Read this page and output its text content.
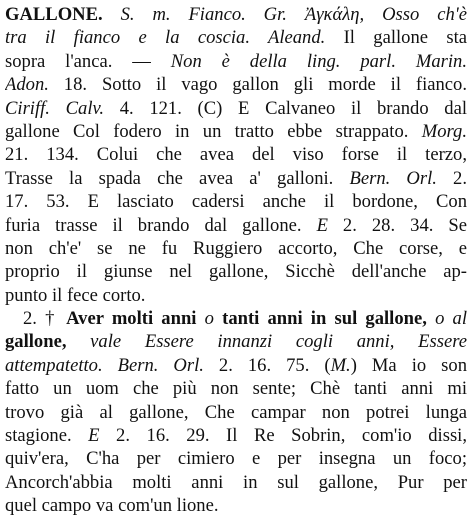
GALLONE. S. m. Fianco. Gr. Ἀγκάλη, Osso ch'è
tra il fianco e la coscia. Aleand. Il gallone sta
sopra l'anca. — Non è della ling. parl. Marin.
Adon. 18. Sotto il vago gallon gli morde il fianco.
Ciriff. Calv. 4. 121. (C) E Calvaneo il brando dal
gallone Col fodero in un tratto ebbe strappato. Morg.
21. 134. Colui che avea del viso forse il terzo,
Trasse la spada che avea a' galloni. Bern. Orl. 2.
17. 53. E lasciato cadersi anche il bordone, Con
furia trasse il brando dal gallone. E 2. 28. 34. Se
non ch'e' se ne fu Ruggiero accorto, Che corse, e
proprio il giunse nel gallone, Sicchè dell'anche ap-
punto il fece corto.
2. † Aver molti anni o tanti anni in sul gallone, o al
gallone, vale Essere innanzi cogli anni, Essere
attempatetto. Bern. Orl. 2. 16. 75. (M.) Ma io son
fatto un uom che più non sente; Chè tanti anni mi
trovo già al gallone, Che campar non potrei lunga
stagione. E 2. 16. 29. Il Re Sobrin, com'io dissi,
quiv'era, C'ha per cimiero e per insegna un foco;
Ancorch'abbia molti anni in sul gallone, Pur per
quel campo va com'un lione.
